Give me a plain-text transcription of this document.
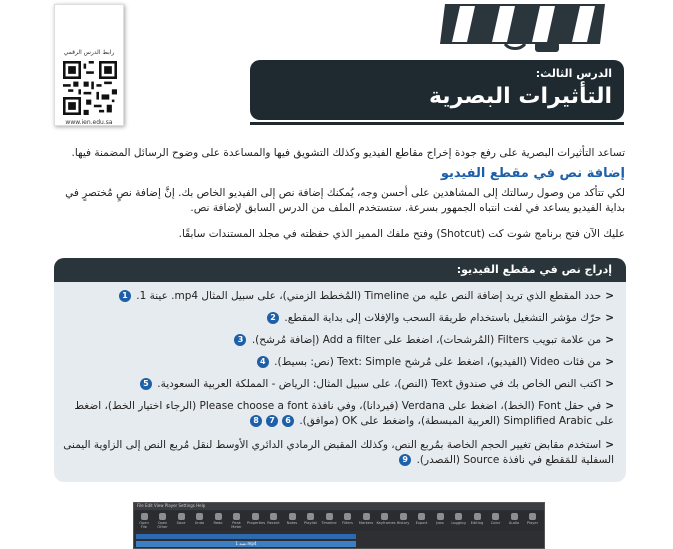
رابط الدرس الرقمي
www.ien.edu.sa
الدرس الثالث:
التأثيرات البصرية
تساعد التأثيرات البصرية على رفع جودة إخراج مقاطع الفيديو وكذلك التشويق فيها والمساعدة على وضوح الرسائل المضمنة فيها.
إضافة نص في مقطع الفيديو
لكي تتأكد من وصول رسالتك إلى المشاهدين على أحسن وجه، يُمكنك إضافة نص إلى الفيديو الخاص بك. إنَّ إضافة نصٍ مُختصرٍ في بداية الفيديو يساعد في لفت انتباه الجمهور بسرعة. ستستخدم الملف من الدرس السابق لإضافة نص.
عليك الآن فتح برنامج شوت كت (Shotcut) وفتح ملفك المميز الذي حفظته في مجلد المستندات سابقًا.
إدراج نص في مقطع الفيديو:
<حدد المقطع الذي تريد إضافة النص عليه من Timeline (المُخطط الزمني)، على سبيل المثال mp4. عينة 1. 1
<حرّك مؤشر التشغيل باستخدام طريقة السحب والإفلات إلى بداية المقطع. 2
<من علامة تبويب Filters (المُرشحات)، اضغط على Add a filter (إضافة مُرشح). 3
<من فئات Video (الفيديو)، اضغط على مُرشح Text: Simple (نص: بسيط). 4
<اكتب النص الخاص بك في صندوق Text (النص)، على سبيل المثال: الرياض - المملكة العربية السعودية. 5
<في حقل Font (الخط)، اضغط على Verdana (فيردانا)، وفي نافذة Please choose a font (الرجاء اختيار الخط)، اضغط على Simplified Arabic (العربية المبسطة)، واضغط على OK (موافق). 678
<استخدم مقابض تغيير الحجم الخاصة بمُربع النص، وكذلك المقبض الرمادي الدائري الأوسط لنقل مُربع النص إلى الزاوية اليمنى السفلية للمَقطع في نافذة Source (المَصدر). 9
File Edit View Player Settings Help
Open File
Open Other
Save	Undo	Redo	Peak Meter
Properties Recent	Notes	Playlist	Timeline	Filters	Markers Keyframes History	Export	Jobs	Logging	Editing	Color	Audio	Player
عينة 1.mp4
